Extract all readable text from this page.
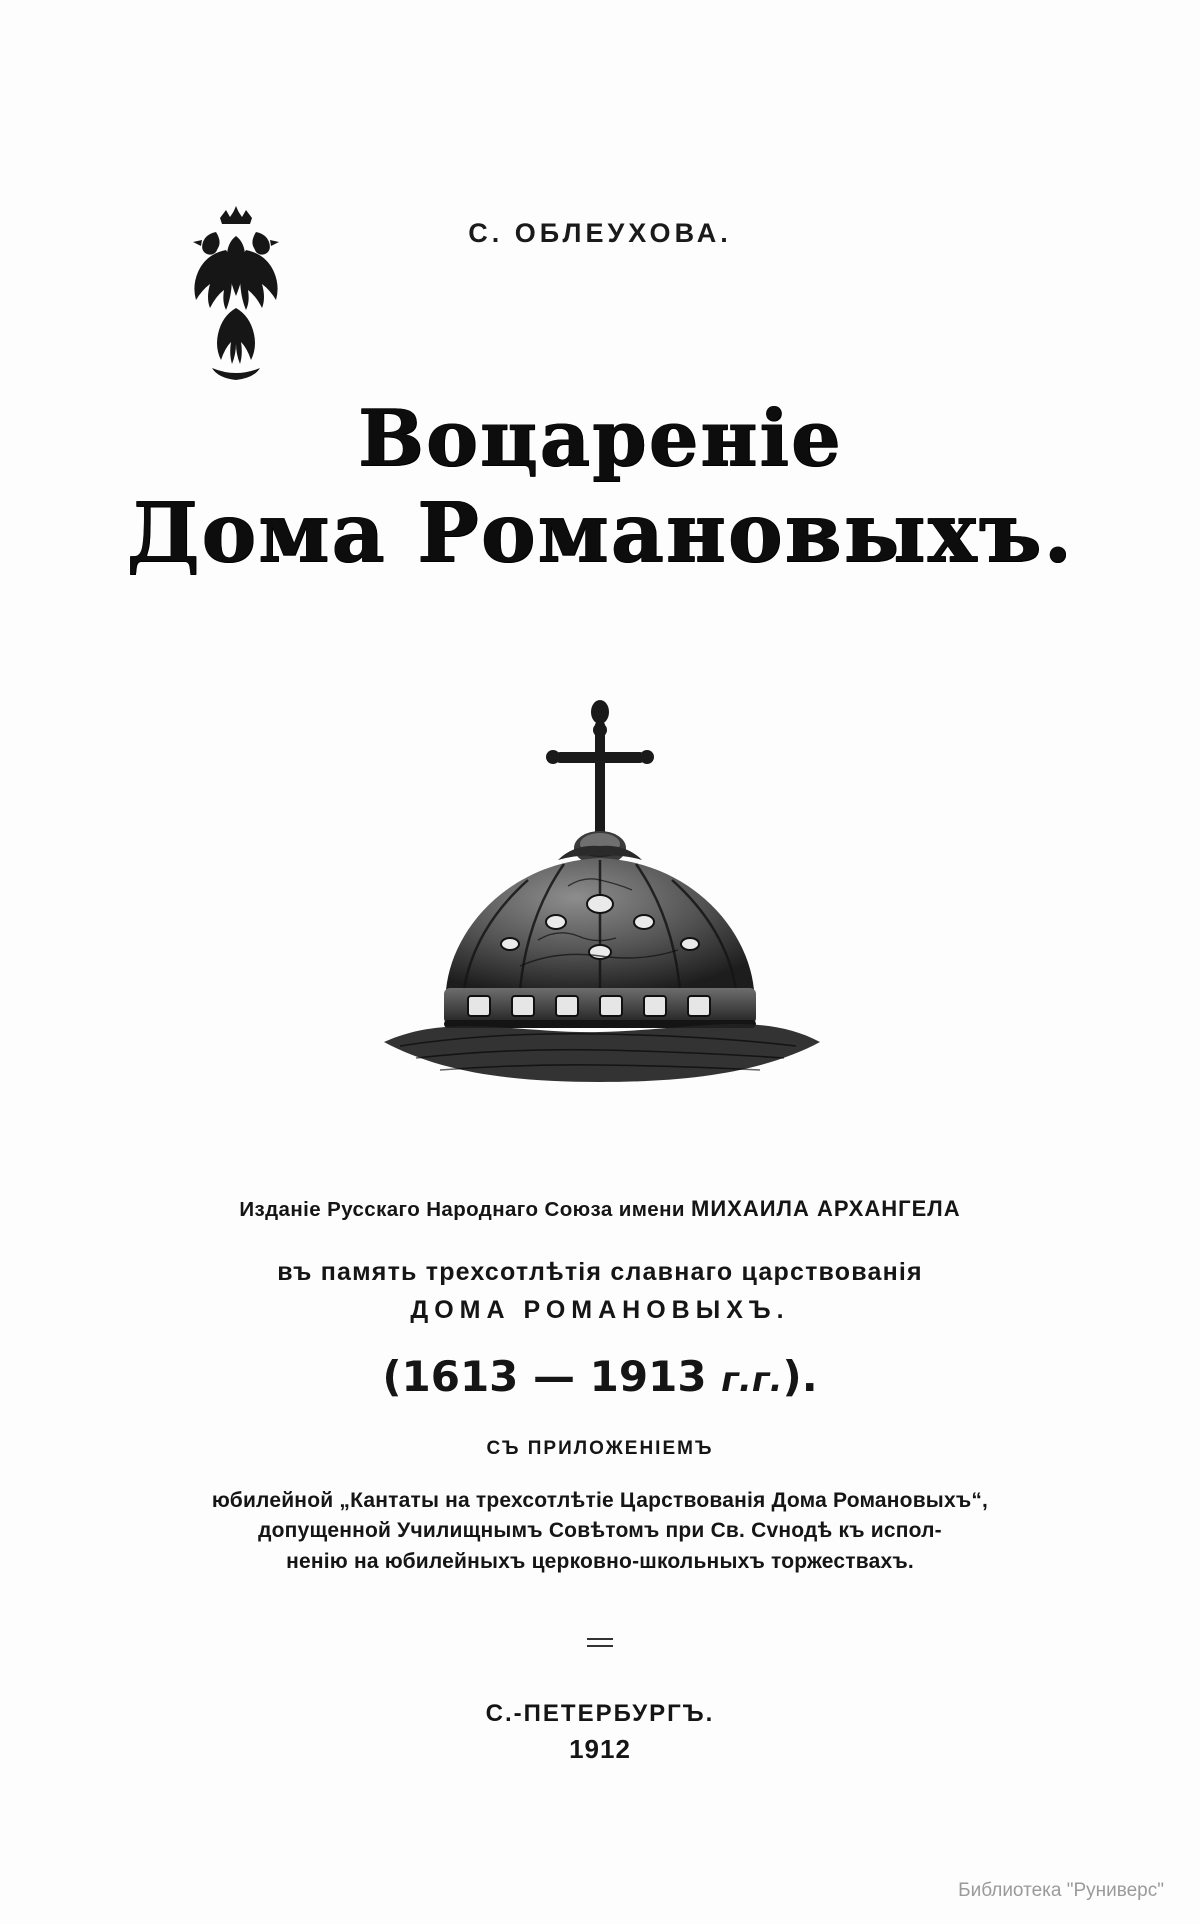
С. ОБЛЕУХОВА.
Воцареніе
Дома Романовыхъ.
Изданіе Русскаго Народнаго Союза имени МИХАИЛА АРХАНГЕЛА
въ память трехсотлѣтія славнаго царствованія
ДОМА РОМАНОВЫХЪ.
(1613 — 1913 г.г.).
СЪ ПРИЛОЖЕНІЕМЪ
юбилейной „Кантаты на трехсотлѣтіе Царствованія Дома Романовыхъ“,
допущенной Училищнымъ Совѣтомъ при Св. Сvнодѣ къ испол-
ненію на юбилейныхъ церковно-школьныхъ торжествахъ.
С.-ПЕТЕРБУРГЪ.
1912
Библиотека "Руниверс"
